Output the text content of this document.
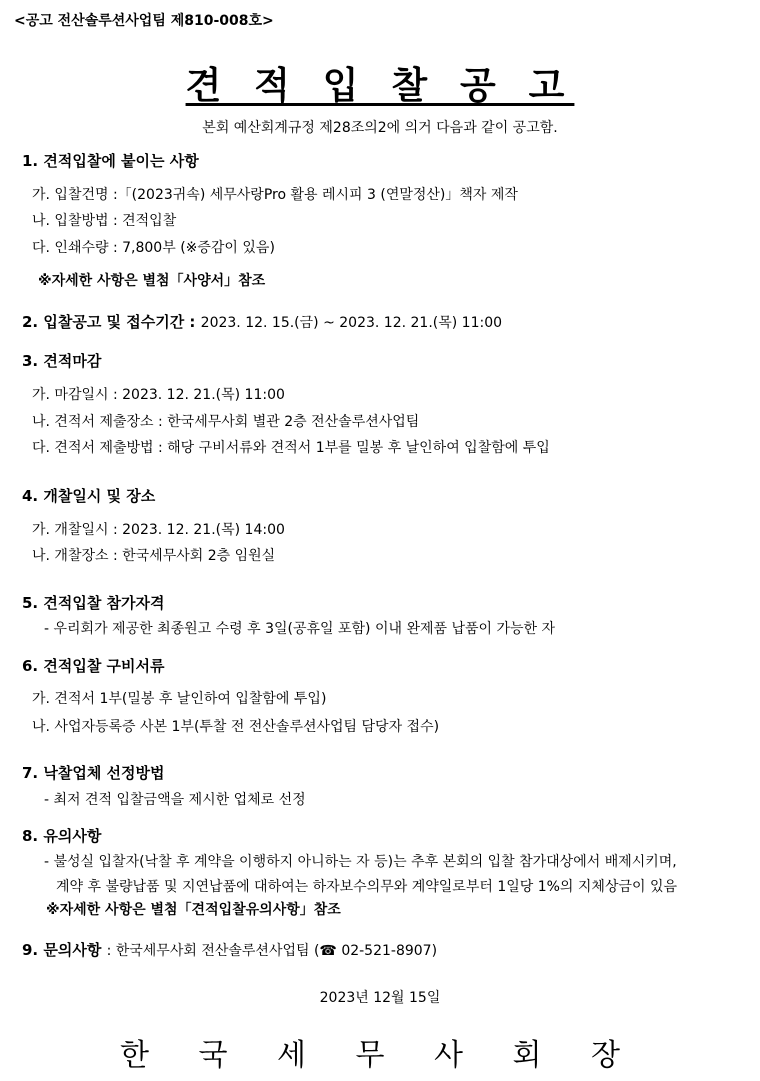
<공고 전산솔루션사업팀 제810-008호>
견 적 입 찰 공 고
본회 예산회계규정 제28조의2에 의거 다음과 같이 공고함.
1. 견적입찰에 붙이는 사항
가. 입찰건명 :「(2023귀속) 세무사랑Pro 활용 레시피 3 (연말정산)」책자 제작
나. 입찰방법 : 견적입찰
다. 인쇄수량 : 7,800부 (※증감이 있음)
※자세한 사항은 별첨「사양서」참조
2. 입찰공고 및 접수기간 : 2023. 12. 15.(금) ~ 2023. 12. 21.(목) 11:00
3. 견적마감
가. 마감일시 : 2023. 12. 21.(목) 11:00
나. 견적서 제출장소 : 한국세무사회 별관 2층 전산솔루션사업팀
다. 견적서 제출방법 : 해당 구비서류와 견적서 1부를 밀봉 후 날인하여 입찰함에 투입
4. 개찰일시 및 장소
가. 개찰일시 : 2023. 12. 21.(목) 14:00
나. 개찰장소 : 한국세무사회 2층 임원실
5. 견적입찰 참가자격
- 우리회가 제공한 최종원고 수령 후 3일(공휴일 포함) 이내 완제품 납품이 가능한 자
6. 견적입찰 구비서류
가. 견적서 1부(밀봉 후 날인하여 입찰함에 투입)
나. 사업자등록증 사본 1부(투찰 전 전산솔루션사업팀 담당자 접수)
7. 낙찰업체 선정방법
- 최저 견적 입찰금액을 제시한 업체로 선정
8. 유의사항
- 불성실 입찰자(낙찰 후 계약을 이행하지 아니하는 자 등)는 추후 본회의 입찰 참가대상에서 배제시키며,
계약 후 불량납품 및 지연납품에 대하여는 하자보수의무와 계약일로부터 1일당 1%의 지체상금이 있음
※자세한 사항은 별첨「견적입찰유의사항」참조
9. 문의사항 : 한국세무사회 전산솔루션사업팀 (☎ 02-521-8907)
2023년 12월 15일
한 국 세 무 사 회 장
